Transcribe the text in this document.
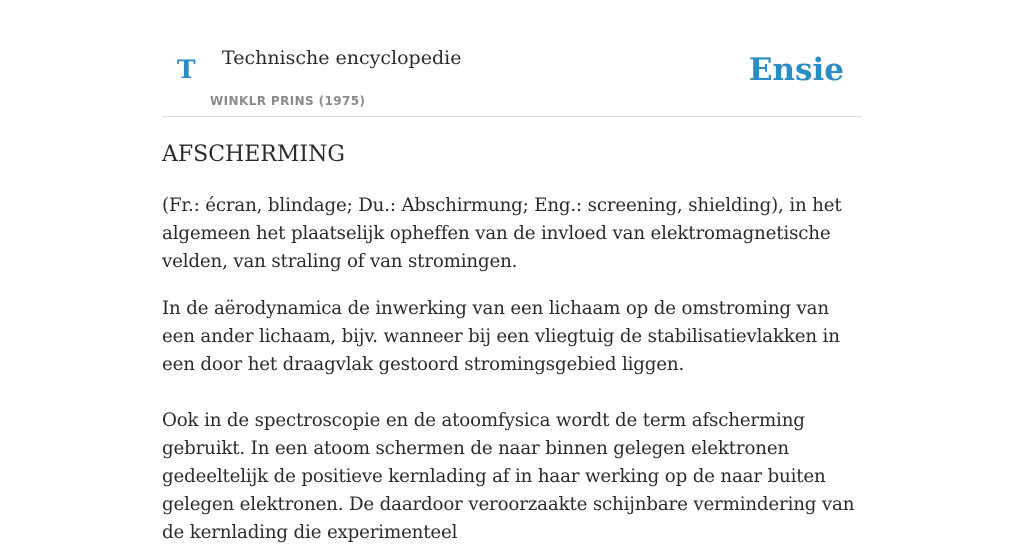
T Technische encyclopedie
WINKLR PRINS (1975)
Ensie
AFSCHERMING

(Fr.: écran, blindage; Du.: Abschirmung; Eng.: screening, shielding), in het algemeen het plaatselijk opheffen van de invloed van elektromagnetische velden, van straling of van stromingen.

In de aërodynamica de inwerking van een lichaam op de omstroming van een ander lichaam, bijv. wanneer bij een vliegtuig de stabilisatievlakken in een door het draagvlak gestoord stromingsgebied liggen.

Ook in de spectroscopie en de atoomfysica wordt de term afscherming gebruikt. In een atoom schermen de naar binnen gelegen elektronen gedeeltelijk de positieve kernlading af in haar werking op de naar buiten gelegen elektronen. De daardoor veroorzaakte schijnbare vermindering van de kernlading die experimenteel
